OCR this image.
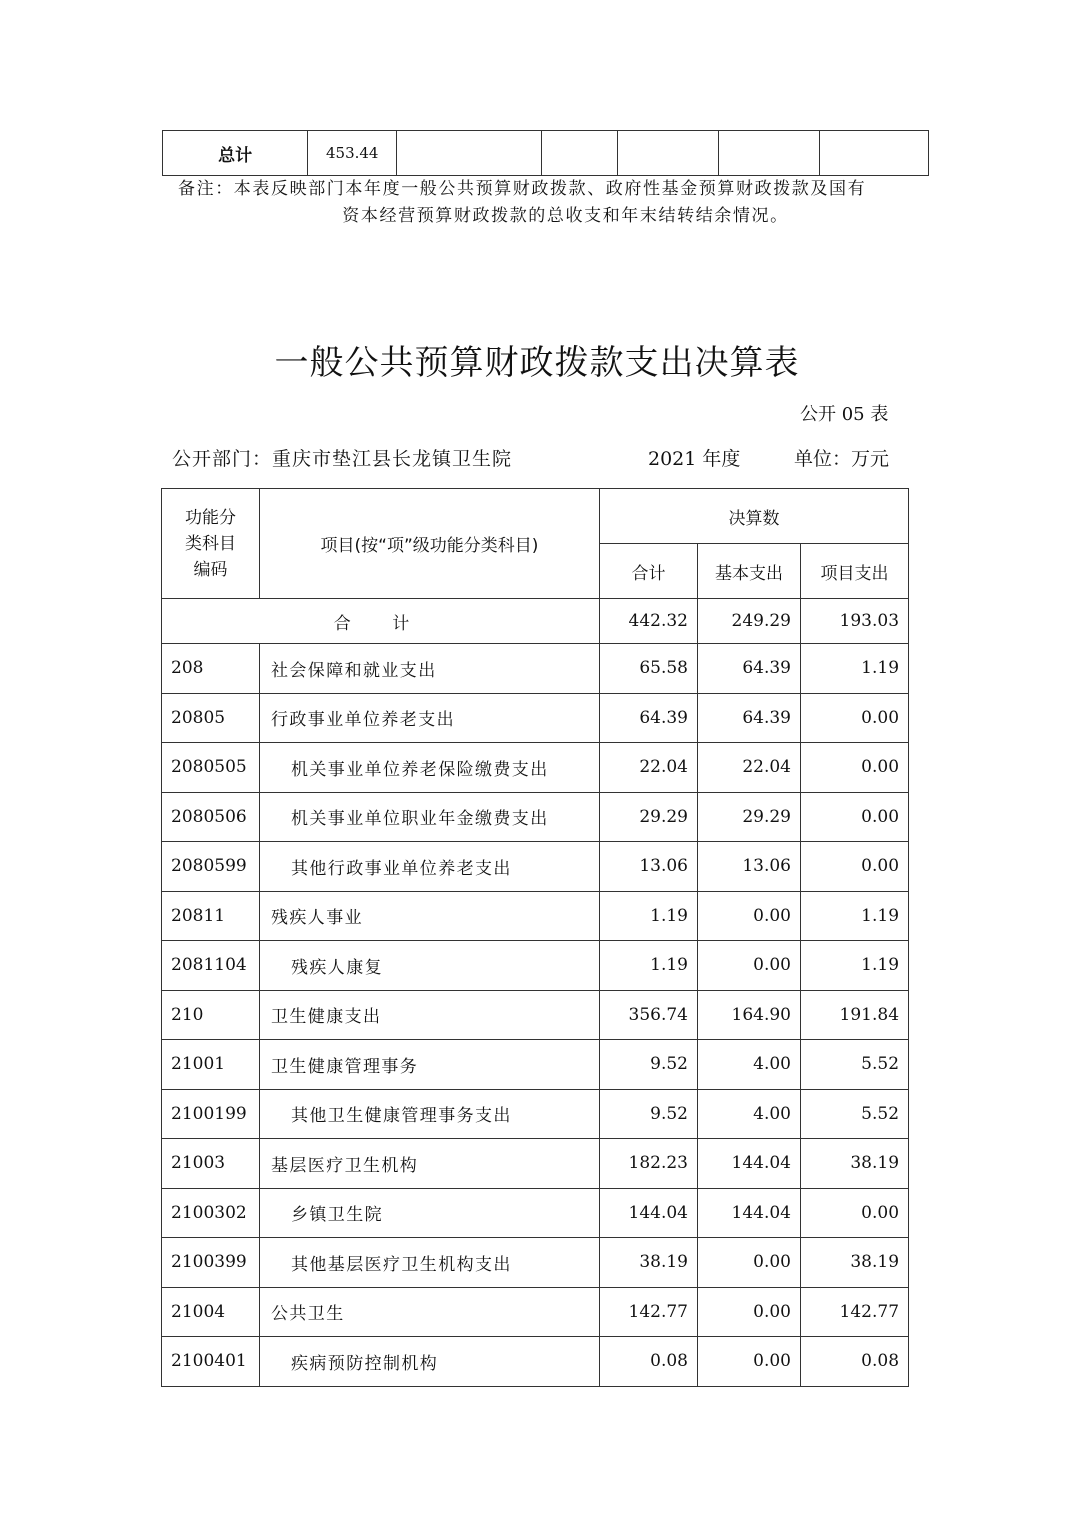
总计	453.44					
备注：本表反映部门本年度一般公共预算财政拨款、政府性基金预算财政拨款及国有
资本经营预算财政拨款的总收支和年末结转结余情况。
一般公共预算财政拨款支出决算表
公开 05 表
公开部门：重庆市垫江县长龙镇卫生院	2021 年度	单位：万元
功能分类科目编码	项目(按“项”级功能分类科目)	决算数		
		合计	基本支出	项目支出
合 计		442.32	249.29	193.03
208	社会保障和就业支出	65.58	64.39	1.19
20805	行政事业单位养老支出	64.39	64.39	0.00
2080505	机关事业单位养老保险缴费支出	22.04	22.04	0.00
2080506	机关事业单位职业年金缴费支出	29.29	29.29	0.00
2080599	其他行政事业单位养老支出	13.06	13.06	0.00
20811	残疾人事业	1.19	0.00	1.19
2081104	残疾人康复	1.19	0.00	1.19
210	卫生健康支出	356.74	164.90	191.84
21001	卫生健康管理事务	9.52	4.00	5.52
2100199	其他卫生健康管理事务支出	9.52	4.00	5.52
21003	基层医疗卫生机构	182.23	144.04	38.19
2100302	乡镇卫生院	144.04	144.04	0.00
2100399	其他基层医疗卫生机构支出	38.19	0.00	38.19
21004	公共卫生	142.77	0.00	142.77
2100401	疾病预防控制机构	0.08	0.00	0.08
